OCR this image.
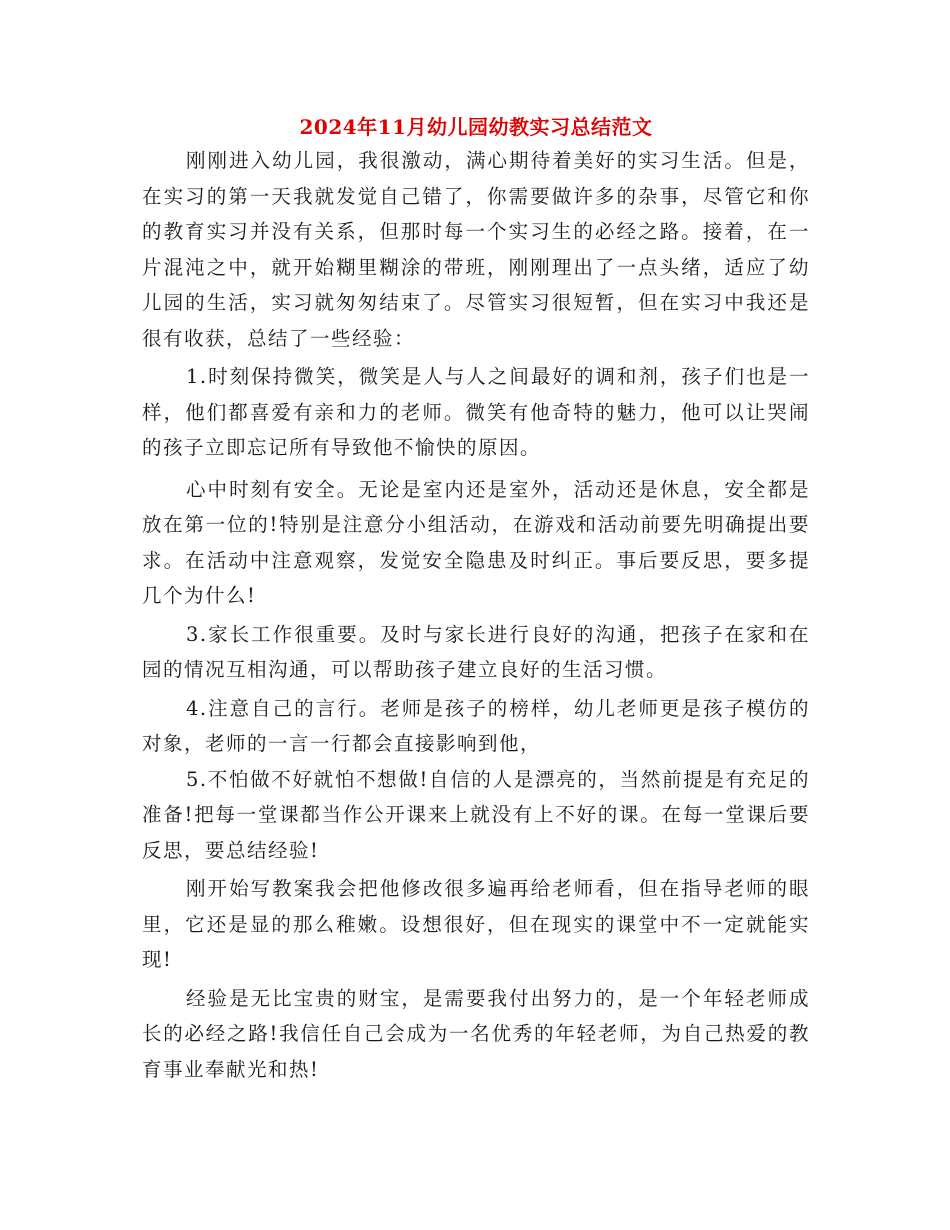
2024年11月幼儿园幼教实习总结范文

刚刚进入幼儿园，我很激动，满心期待着美好的实习生活。但是，在实习的第一天我就发觉自己错了，你需要做许多的杂事，尽管它和你的教育实习并没有关系，但那时每一个实习生的必经之路。接着，在一片混沌之中，就开始糊里糊涂的带班，刚刚理出了一点头绪，适应了幼儿园的生活，实习就匆匆结束了。尽管实习很短暂，但在实习中我还是很有收获，总结了一些经验：

1.时刻保持微笑，微笑是人与人之间最好的调和剂，孩子们也是一样，他们都喜爱有亲和力的老师。微笑有他奇特的魅力，他可以让哭闹的孩子立即忘记所有导致他不愉快的原因。

心中时刻有安全。无论是室内还是室外，活动还是休息，安全都是放在第一位的!特别是注意分小组活动，在游戏和活动前要先明确提出要求。在活动中注意观察，发觉安全隐患及时纠正。事后要反思，要多提几个为什么!

3.家长工作很重要。及时与家长进行良好的沟通，把孩子在家和在园的情况互相沟通，可以帮助孩子建立良好的生活习惯。

4.注意自己的言行。老师是孩子的榜样，幼儿老师更是孩子模仿的对象，老师的一言一行都会直接影响到他，

5.不怕做不好就怕不想做!自信的人是漂亮的，当然前提是有充足的准备!把每一堂课都当作公开课来上就没有上不好的课。在每一堂课后要反思，要总结经验!

刚开始写教案我会把他修改很多遍再给老师看，但在指导老师的眼里，它还是显的那么稚嫩。设想很好，但在现实的课堂中不一定就能实现!

经验是无比宝贵的财宝，是需要我付出努力的，是一个年轻老师成长的必经之路!我信任自己会成为一名优秀的年轻老师，为自己热爱的教育事业奉献光和热!
